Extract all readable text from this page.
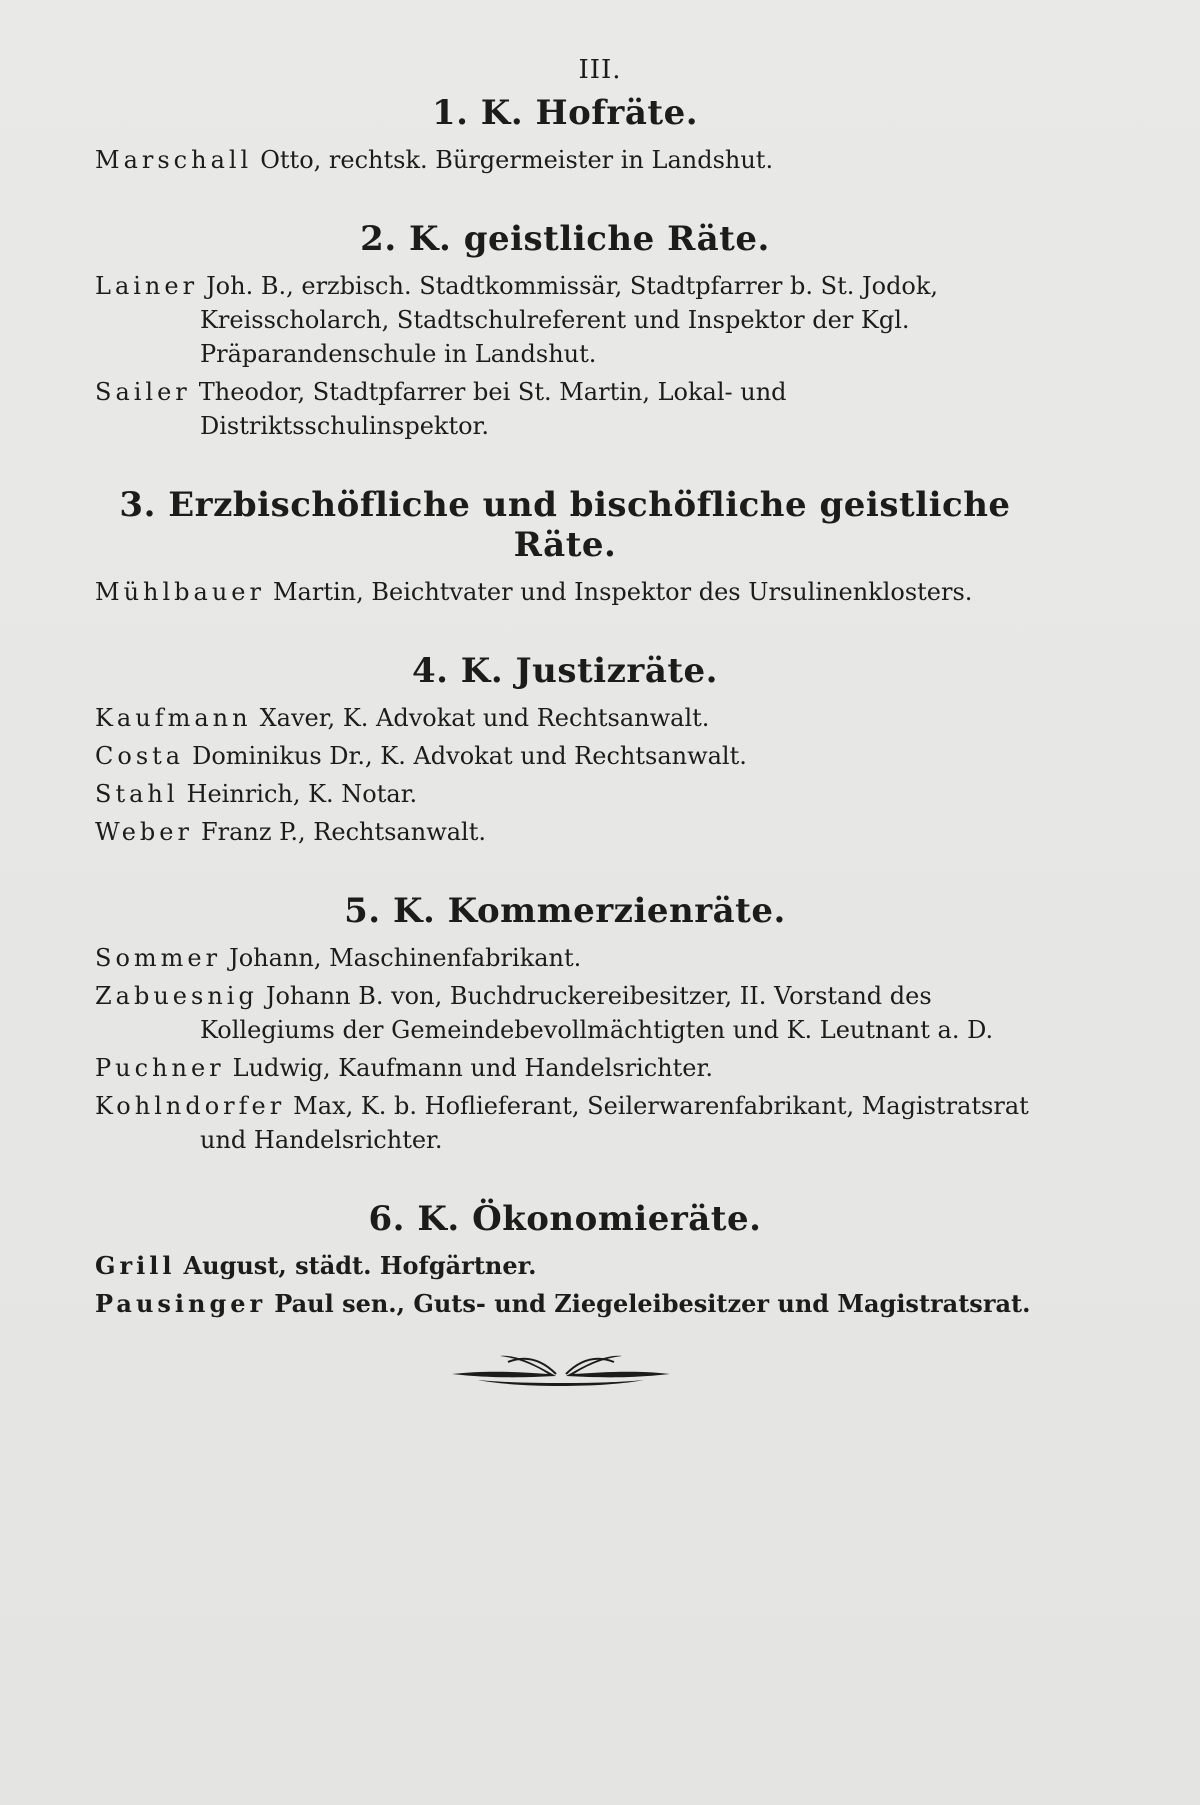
III.
1. K. Hofräte.
Marschall Otto, rechtsk. Bürgermeister in Landshut.
2. K. geistliche Räte.
Lainer Joh. B., erzbisch. Stadtkommissär, Stadtpfarrer b. St. Jodok, Kreisscholarch, Stadtschulreferent und Inspektor der Kgl. Präparandenschule in Landshut.
Sailer Theodor, Stadtpfarrer bei St. Martin, Lokal- und Distriktsschulinspektor.
3. Erzbischöfliche und bischöfliche geistliche Räte.
Mühlbauer Martin, Beichtvater und Inspektor des Ursulinenklosters.
4. K. Justizräte.
Kaufmann Xaver, K. Advokat und Rechtsanwalt.
Costa Dominikus Dr., K. Advokat und Rechtsanwalt.
Stahl Heinrich, K. Notar.
Weber Franz P., Rechtsanwalt.
5. K. Kommerzienräte.
Sommer Johann, Maschinenfabrikant.
Zabuesnig Johann B. von, Buchdruckereibesitzer, II. Vorstand des Kollegiums der Gemeindebevollmächtigten und K. Leutnant a. D.
Puchner Ludwig, Kaufmann und Handelsrichter.
Kohlndorfer Max, K. b. Hoflieferant, Seilerwarenfabrikant, Magistratsrat und Handelsrichter.
6. K. Ökonomieräte.
Grill August, städt. Hofgärtner.
Pausinger Paul sen., Guts- und Ziegeleibesitzer und Magistratsrat.
